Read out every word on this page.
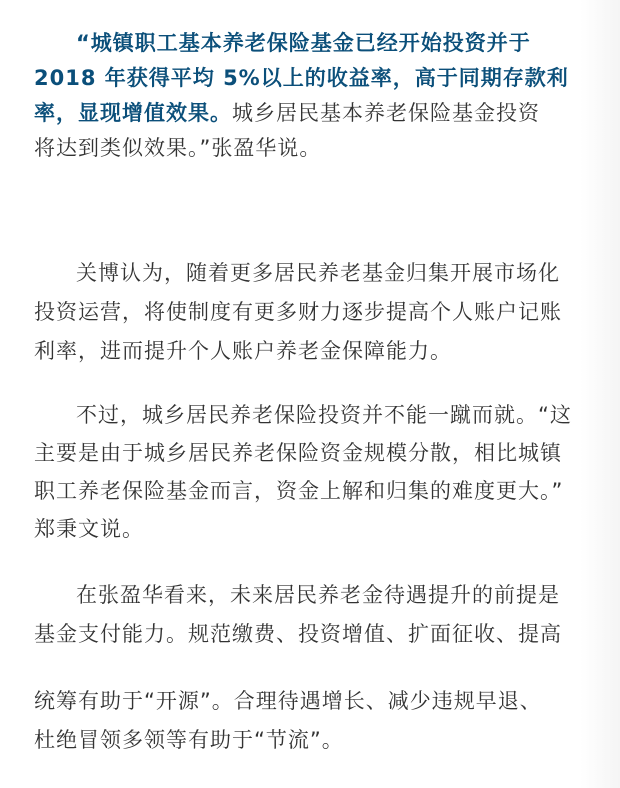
“城镇职工基本养老保险基金已经开始投资并于
2018 年获得平均 5%以上的收益率，高于同期存款利
率，显现增值效果。城乡居民基本养老保险基金投资
将达到类似效果。”张盈华说。
关博认为，随着更多居民养老基金归集开展市场化
投资运营，将使制度有更多财力逐步提高个人账户记账
利率，进而提升个人账户养老金保障能力。
不过，城乡居民养老保险投资并不能一蹴而就。“这
主要是由于城乡居民养老保险资金规模分散，相比城镇
职工养老保险基金而言，资金上解和归集的难度更大。”
郑秉文说。
在张盈华看来，未来居民养老金待遇提升的前提是
基金支付能力。规范缴费、投资增值、扩面征收、提高
统筹有助于“开源”。合理待遇增长、减少违规早退、
杜绝冒领多领等有助于“节流”。
